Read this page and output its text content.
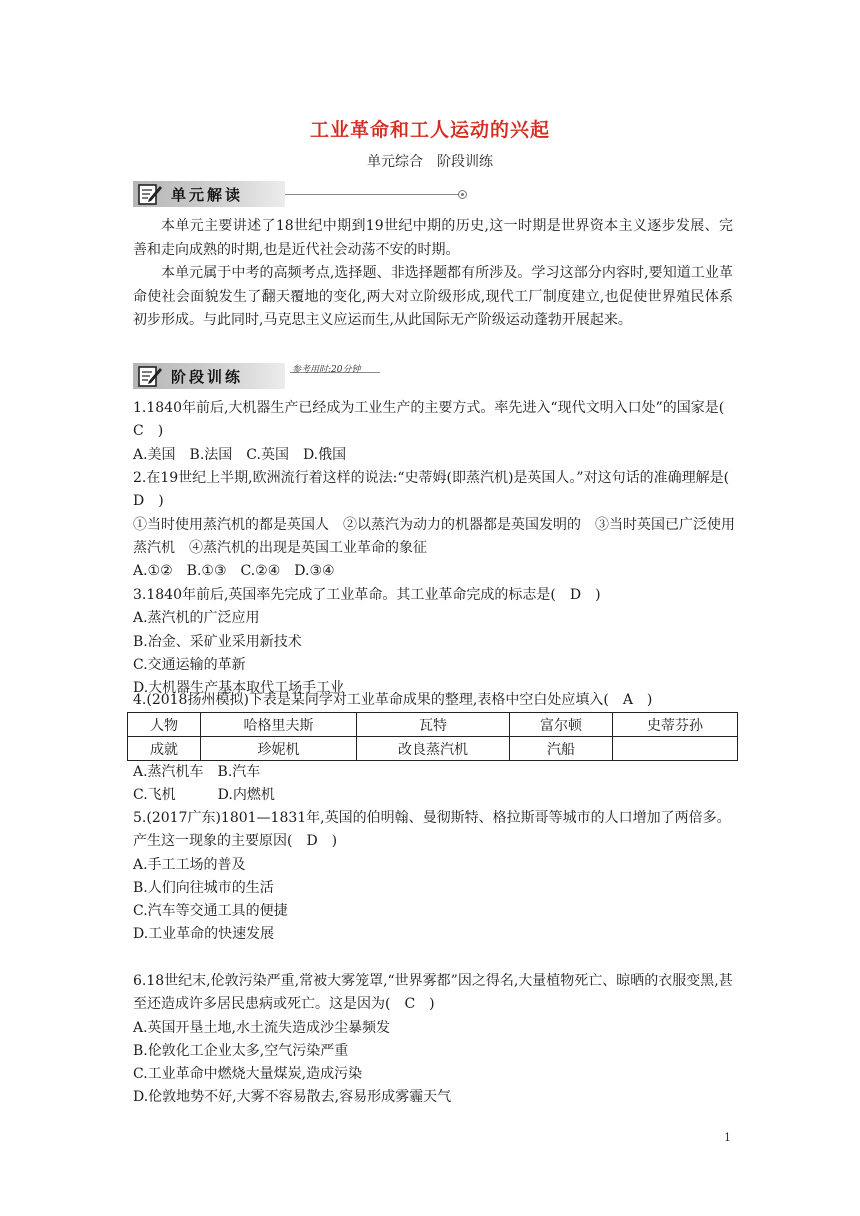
工业革命和工人运动的兴起
单元综合　阶段训练
单元解读
本单元主要讲述了18世纪中期到19世纪中期的历史,这一时期是世界资本主义逐步发展、完善和走向成熟的时期,也是近代社会动荡不安的时期。
本单元属于中考的高频考点,选择题、非选择题都有所涉及。学习这部分内容时,要知道工业革命使社会面貌发生了翻天覆地的变化,两大对立阶级形成,现代工厂制度建立,也促使世界殖民体系初步形成。与此同时,马克思主义应运而生,从此国际无产阶级运动蓬勃开展起来。
阶段训练	参考用时:20分钟

1.1840年前后,大机器生产已经成为工业生产的主要方式。率先进入“现代文明入口处”的国家是(　C　)

A.美国　B.法国　C.英国　D.俄国

2.在19世纪上半期,欧洲流行着这样的说法:“史蒂姆(即蒸汽机)是英国人。”对这句话的准确理解是(　D　)

①当时使用蒸汽机的都是英国人　②以蒸汽为动力的机器都是英国发明的　③当时英国已广泛使用蒸汽机　④蒸汽机的出现是英国工业革命的象征

A.①②　B.①③　C.②④　D.③④

3.1840年前后,英国率先完成了工业革命。其工业革命完成的标志是(　D　)

A.蒸汽机的广泛应用

B.冶金、采矿业采用新技术

C.交通运输的革新

D.大机器生产基本取代工场手工业

4.(2018扬州模拟)下表是某同学对工业革命成果的整理,表格中空白处应填入(　A　)
人物	哈格里夫斯	瓦特	富尔顿	史蒂芬孙
成就	珍妮机	改良蒸汽机	汽船	

A.蒸汽机车　B.汽车

C.飞机　　　D.内燃机

5.(2017广东)1801—1831年,英国的伯明翰、曼彻斯特、格拉斯哥等城市的人口增加了两倍多。产生这一现象的主要原因(　D　)

A.手工工场的普及

B.人们向往城市的生活

C.汽车等交通工具的便捷

D.工业革命的快速发展

6.18世纪末,伦敦污染严重,常被大雾笼罩,“世界雾都”因之得名,大量植物死亡、晾晒的衣服变黑,甚至还造成许多居民患病或死亡。这是因为(　C　)

A.英国开垦土地,水土流失造成沙尘暴频发

B.伦敦化工企业太多,空气污染严重

C.工业革命中燃烧大量煤炭,造成污染

D.伦敦地势不好,大雾不容易散去,容易形成雾霾天气

1
